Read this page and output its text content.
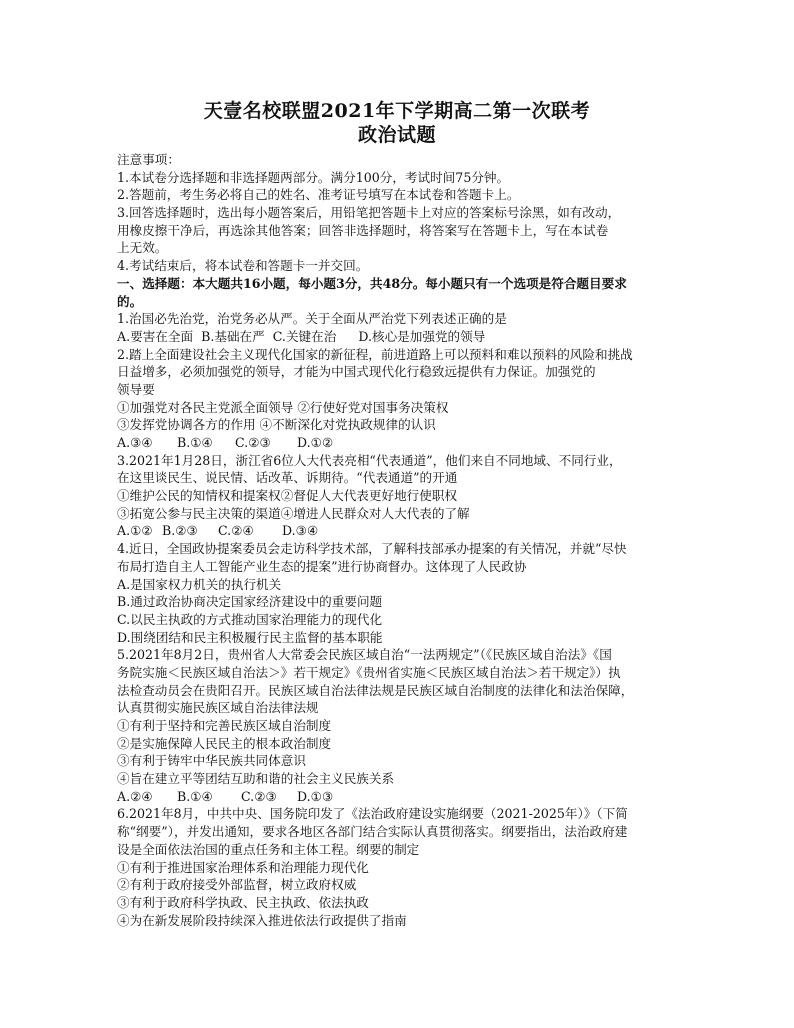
天壹名校联盟2021年下学期高二第一次联考
政治试题
注意事项：
1.本试卷分选择题和非选择题两部分。满分100分，考试时间75分钟。
2.答题前，考生务必将自己的姓名、准考证号填写在本试卷和答题卡上。
3.回答选择题时，选出每小题答案后，用铅笔把答题卡上对应的答案标号涂黑，如有改动，
用橡皮擦干净后，再选涂其他答案；回答非选择题时，将答案写在答题卡上，写在本试卷
上无效。
4.考试结束后，将本试卷和答题卡一并交回。
一、选择题：本大题共16小题，每小题3分，共48分。每小题只有一个选项是符合题目要求
的。
1.治国必先治党，治党务必从严。关于全面从严治党下列表述正确的是
A.要害在全面 B.基础在严 C.关键在治 D.核心是加强党的领导
2.踏上全面建设社会主义现代化国家的新征程，前进道路上可以预料和难以预料的风险和挑战
日益增多，必须加强党的领导，才能为中国式现代化行稳致远提供有力保证。加强党的
领导要
①加强党对各民主党派全面领导 ②行使好党对国事务决策权
③发挥党协调各方的作用 ④不断深化对党执政规律的认识
A.③④ B.①④ C.②③ D.①②
3.2021年1月28日，浙江省6位人大代表亮相“代表通道”，他们来自不同地域、不同行业，
在这里谈民生、说民情、话改革、诉期待。“代表通道”的开通
①维护公民的知情权和提案权②督促人大代表更好地行使职权
③拓宽公参与民主决策的渠道④增进人民群众对人大代表的了解
A.①② B.②③ C.②④ D.③④
4.近日，全国政协提案委员会走访科学技术部，了解科技部承办提案的有关情况，并就“尽快
布局打造自主人工智能产业生态的提案”进行协商督办。这体现了人民政协
A.是国家权力机关的执行机关
B.通过政治协商决定国家经济建设中的重要问题
C.以民主执政的方式推动国家治理能力的现代化
D.围绕团结和民主积极履行民主监督的基本职能
5.2021年8月2日，贵州省人大常委会民族区域自治“一法两规定”（《民族区域自治法》《国
务院实施＜民族区域自治法＞》若干规定》《贵州省实施＜民族区域自治法＞若干规定》）执
法检查动员会在贵阳召开。民族区域自治法律法规是民族区域自治制度的法律化和法治保障，
认真贯彻实施民族区域自治法律法规
①有利于坚持和完善民族区域自治制度
②是实施保障人民民主的根本政治制度
③有利于铸牢中华民族共同体意识
④旨在建立平等团结互助和谐的社会主义民族关系
A.②④ B.①④ C.②③ D.①③
6.2021年8月，中共中央、国务院印发了《法治政府建设实施纲要（2021-2025年）》（下简
称“纲要”），并发出通知，要求各地区各部门结合实际认真贯彻落实。纲要指出，法治政府建
设是全面依法治国的重点任务和主体工程。纲要的制定
①有利于推进国家治理体系和治理能力现代化
②有利于政府接受外部监督，树立政府权威
③有利于政府科学执政、民主执政、依法执政
④为在新发展阶段持续深入推进依法行政提供了指南
